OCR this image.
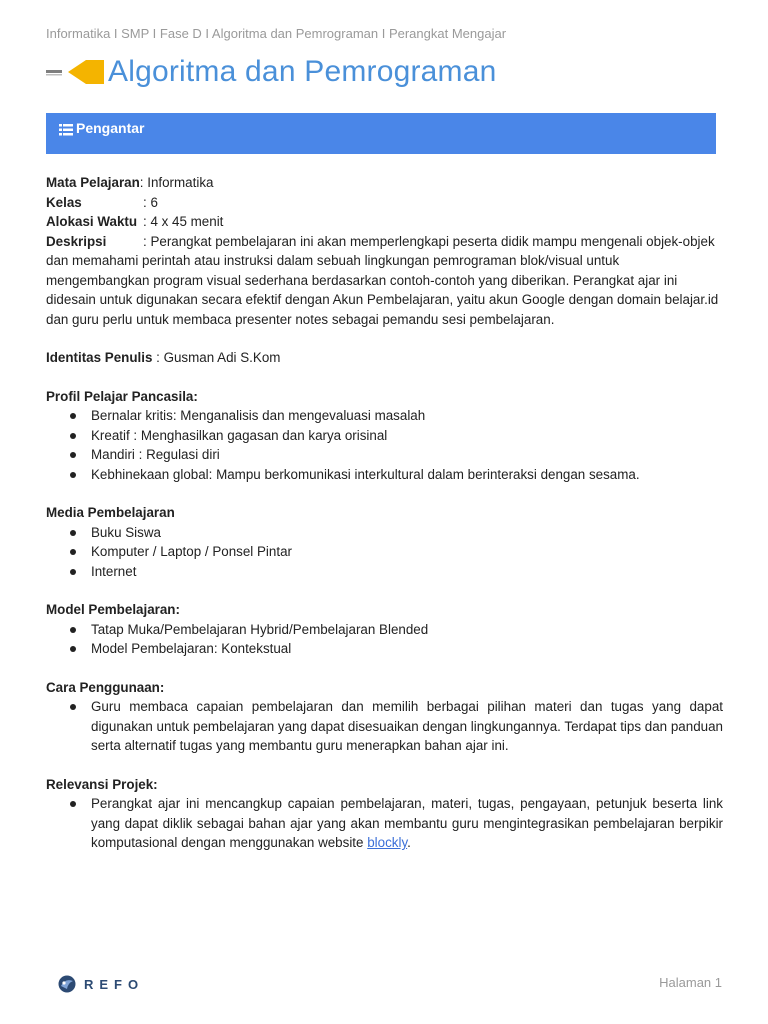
Informatika I SMP I Fase D I Algoritma dan Pemrograman I Perangkat Mengajar
Algoritma dan Pemrograman
Pengantar
Mata Pelajaran : Informatika
Kelas	: 6
Alokasi Waktu : 4 x 45 menit
Deskripsi	: Perangkat pembelajaran ini akan memperlengkapi peserta didik mampu mengenali objek-objek dan memahami perintah atau instruksi dalam sebuah lingkungan pemrograman blok/visual untuk mengembangkan program visual sederhana berdasarkan contoh-contoh yang diberikan. Perangkat ajar ini didesain untuk digunakan secara efektif dengan Akun Pembelajaran, yaitu akun Google dengan domain belajar.id dan guru perlu untuk membaca presenter notes sebagai pemandu sesi pembelajaran.
Identitas Penulis : Gusman Adi S.Kom
Profil Pelajar Pancasila:
Bernalar kritis: Menganalisis dan mengevaluasi masalah
Kreatif : Menghasilkan gagasan dan karya orisinal
Mandiri : Regulasi diri
Kebhinekaan global: Mampu berkomunikasi interkultural dalam berinteraksi dengan sesama.
Media Pembelajaran
Buku Siswa
Komputer / Laptop / Ponsel Pintar
Internet
Model Pembelajaran:
Tatap Muka/Pembelajaran Hybrid/Pembelajaran Blended
Model Pembelajaran: Kontekstual
Cara Penggunaan:
Guru membaca capaian pembelajaran dan memilih berbagai pilihan materi dan tugas yang dapat digunakan untuk pembelajaran yang dapat disesuaikan dengan lingkungannya. Terdapat tips dan panduan serta alternatif tugas yang membantu guru menerapkan bahan ajar ini.
Relevansi Projek:
Perangkat ajar ini mencangkup capaian pembelajaran, materi, tugas, pengayaan, petunjuk beserta link yang dapat diklik sebagai bahan ajar yang akan membantu guru mengintegrasikan pembelajaran berpikir komputasional dengan menggunakan website blockly.
REFO	Halaman 1
